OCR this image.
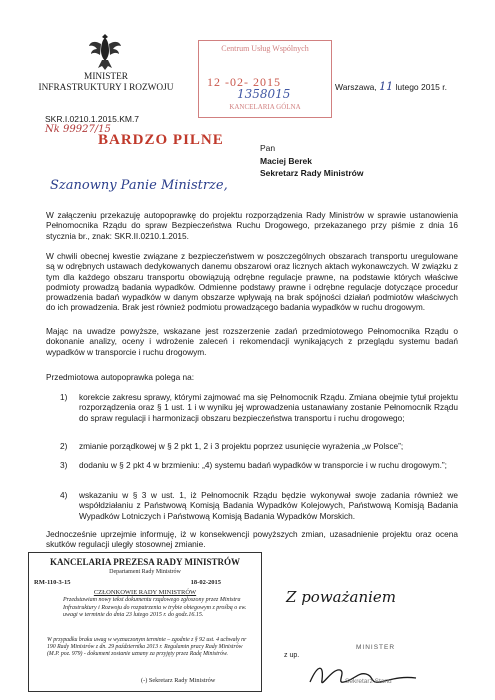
MINISTER
INFRASTRUKTURY I ROZWOJU
SKR.I.0210.1.2015.KM.7
Nk 99927/15
BARDZO PILNE
Centrum Usług Wspólnych
12 -02- 2015
1358015
KANCELARIA GÓLNA
Warszawa, 11 lutego 2015 r.
Pan
Maciej Berek
Sekretarz Rady Ministrów
Szanowny Panie Ministrze,
W załączeniu przekazuję autopoprawkę do projektu rozporządzenia Rady Ministrów w sprawie ustanowienia Pełnomocnika Rządu do spraw Bezpieczeństwa Ruchu Drogowego, przekazanego przy piśmie z dnia 16 stycznia br., znak: SKR.II.0210.1.2015.
W chwili obecnej kwestie związane z bezpieczeństwem w poszczególnych obszarach transportu uregulowane są w odrębnych ustawach dedykowanych danemu obszarowi oraz licznych aktach wykonawczych. W związku z tym dla każdego obszaru transportu obowiązują odrębne regulacje prawne, na podstawie których właściwe podmioty prowadzą badania wypadków. Odmienne podstawy prawne i odrębne regulacje dotyczące procedur prowadzenia badań wypadków w danym obszarze wpływają na brak spójności działań podmiotów właściwych do ich prowadzenia. Brak jest również podmiotu prowadzącego badania wypadków w ruchu drogowym.
Mając na uwadze powyższe, wskazane jest rozszerzenie zadań przedmiotowego Pełnomocnika Rządu o dokonanie analizy, oceny i wdrożenie zaleceń i rekomendacji wynikających z przeglądu systemu badań wypadków w transporcie i ruchu drogowym.
Przedmiotowa autopoprawka polega na:
1)	korekcie zakresu sprawy, którymi zajmować ma się Pełnomocnik Rządu. Zmiana obejmie tytuł projektu rozporządzenia oraz § 1 ust. 1 i w wyniku jej wprowadzenia ustanawiany zostanie Pełnomocnik Rządu do spraw regulacji i harmonizacji obszaru bezpieczeństwa transportu i ruchu drogowego;
2)	zmianie porządkowej w § 2 pkt 1, 2 i 3 projektu poprzez usunięcie wyrażenia „w Polsce”;
3)	dodaniu w § 2 pkt 4 w brzmieniu: „4) systemu badań wypadków w transporcie i w ruchu drogowym.”;
4)	wskazaniu w § 3 w ust. 1, iż Pełnomocnik Rządu będzie wykonywał swoje zadania również we współdziałaniu z Państwową Komisją Badania Wypadków Kolejowych, Państwową Komisją Badania Wypadków Lotniczych i Państwową Komisją Badania Wypadków Morskich.
Jednocześnie uprzejmie informuję, iż w konsekwencji powyższych zmian, uzasadnienie projektu oraz ocena skutków regulacji uległy stosownej zmianie.
KANCELARIA PREZESA RADY MINISTRÓW
Departament Rady Ministrów
RM-110-3-15	18-02-2015
CZŁONKOWIE RADY MINISTRÓW
Przedstawiam nowy tekst dokumentu rządowego zgłoszony przez Ministra Infrastruktury i Rozwoju do rozpatrzenia w trybie obiegowym z prośbą o ew. uwagi w terminie do dnia 23 lutego 2015 r. do godz.16.15.
W przypadku braku uwag w wyznaczonym terminie – zgodnie z § 92 ust. 4 uchwały nr 190 Rady Ministrów z dn. 29 października 2013 r. Regulamin pracy Rady Ministrów (M.P. poz. 979) - dokument zostanie uznany za przyjęty przez Radę Ministrów.
(-) Sekretarz Rady Ministrów
Z poważaniem
MINISTER
z up.
Sekretarz Stanu
